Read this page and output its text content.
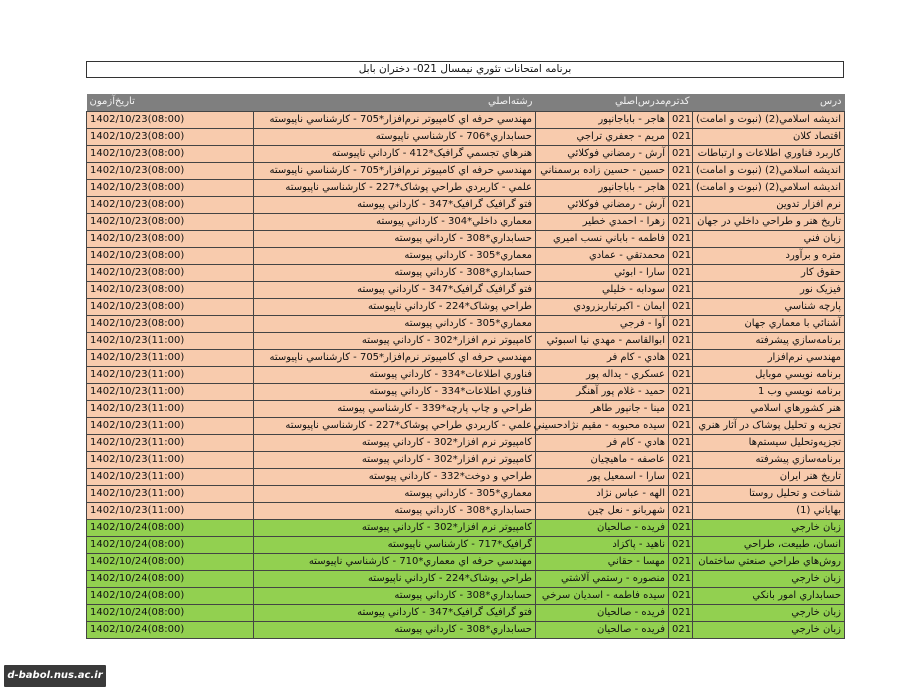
برنامه امتحانات تئوري نيمسال 021- دختران بابل
درس	کدترم	مدرس‌اصلي	رشته‌اصلي	تاريخ‌آزمون
انديشه اسلامي(2) (نبوت و امامت)	021	هاجر - باباجانپور	مهندسي حرفه اي کامپيوتر نرم‌افزار*705 - کارشناسي ناپيوسته	1402/10/23(08:00)
اقتصاد کلان	021	مريم - جعفري تراجي	حسابداري*706 - کارشناسي ناپيوسته	1402/10/23(08:00)
کاربرد فناوري اطلاعات و ارتباطات	021	آرش - رمضاني فوکلائي	هنرهاي تجسمي گرافيک*412 - کارداني ناپيوسته	1402/10/23(08:00)
انديشه اسلامي(2) (نبوت و امامت)	021	حسين - حسين زاده برسمناني	مهندسي حرفه اي کامپيوتر نرم‌افزار*705 - کارشناسي ناپيوسته	1402/10/23(08:00)
انديشه اسلامي(2) (نبوت و امامت)	021	هاجر - باباجانپور	علمي - کاربردي طراحي پوشاک*227 - کارشناسي ناپيوسته	1402/10/23(08:00)
نرم افزار تدوين	021	آرش - رمضاني فوکلائي	فتو گرافيک گرافيک*347 - کارداني پيوسته	1402/10/23(08:00)
تاريخ هنر و طراحي داخلي در جهان	021	زهرا - احمدي خطير	معماري داخلي*304 - کارداني پيوسته	1402/10/23(08:00)
زبان فني	021	فاطمه - باباني نسب اميري	حسابداري*308 - کارداني پيوسته	1402/10/23(08:00)
متره و برآورد	021	محمدتقي - عمادي	معماري*305 - کارداني پيوسته	1402/10/23(08:00)
حقوق کار	021	سارا - ابوئي	حسابداري*308 - کارداني پيوسته	1402/10/23(08:00)
فيزيک نور	021	سودابه - خليلي	فتو گرافيک گرافيک*347 - کارداني پيوسته	1402/10/23(08:00)
پارچه شناسي	021	ايمان - اکبرتباربزرودي	طراحي پوشاک*224 - کارداني ناپيوسته	1402/10/23(08:00)
آشنائي با معماري جهان	021	آوا - فرجي	معماري*305 - کارداني پيوسته	1402/10/23(08:00)
برنامه‌سازي پيشرفته	021	ابوالقاسم - مهدي نيا اسبوئي	کامپيوتر نرم افزار*302 - کارداني پيوسته	1402/10/23(11:00)
مهندسي نرم‌افزار	021	هادي - کام فر	مهندسي حرفه اي کامپيوتر نرم‌افزار*705 - کارشناسي ناپيوسته	1402/10/23(11:00)
برنامه نويسي موبايل	021	عسکري - يداله پور	فناوري اطلاعات*334 - کارداني پيوسته	1402/10/23(11:00)
برنامه نويسي وب 1	021	حميد - غلام پور آهنگر	فناوري اطلاعات*334 - کارداني پيوسته	1402/10/23(11:00)
هنر کشورهاي اسلامي	021	مينا - جانپور طاهر	طراحي و چاپ پارچه*339 - کارشناسي پيوسته	1402/10/23(11:00)
تجزيه و تحليل پوشاک در آثار هنري	021	سيده محبوبه - مقيم نژادحسيني	علمي - کاربردي طراحي پوشاک*227 - کارشناسي ناپيوسته	1402/10/23(11:00)
تجزيه‌وتحليل سيستم‌ها	021	هادي - کام فر	کامپيوتر نرم افزار*302 - کارداني پيوسته	1402/10/23(11:00)
برنامه‌سازي پيشرفته	021	عاصفه - ماهيچيان	کامپيوتر نرم افزار*302 - کارداني پيوسته	1402/10/23(11:00)
تاريخ هنر ايران	021	سارا - اسمعيل پور	طراحي و دوخت*332 - کارداني پيوسته	1402/10/23(11:00)
شناخت و تحليل روستا	021	الهه - عباس نژاد	معماري*305 - کارداني پيوسته	1402/10/23(11:00)
بهاياني (1)	021	شهربانو - نعل چين	حسابداري*308 - کارداني پيوسته	1402/10/23(11:00)
زبان خارجي	021	فريده - صالحيان	کامپيوتر نرم افزار*302 - کارداني پيوسته	1402/10/24(08:00)
انسان، طبيعت، طراحي	021	ناهيد - پاکزاد	گرافيک*717 - کارشناسي ناپيوسته	1402/10/24(08:00)
روش‌هاي طراحي صنعتي ساختمان	021	مهسا - حقاني	مهندسي حرفه اي معماري*710 - کارشناسي ناپيوسته	1402/10/24(08:00)
زبان خارجي	021	منصوره - رستمي آلاشتي	طراحي پوشاک*224 - کارداني ناپيوسته	1402/10/24(08:00)
حسابداري امور بانکي	021	سيده فاطمه - اسديان سرخي	حسابداري*308 - کارداني پيوسته	1402/10/24(08:00)
زبان خارجي	021	فريده - صالحيان	فتو گرافيک گرافيک*347 - کارداني پيوسته	1402/10/24(08:00)
زبان خارجي	021	فريده - صالحيان	حسابداري*308 - کارداني پيوسته	1402/10/24(08:00)
d-babol.nus.ac.ir
